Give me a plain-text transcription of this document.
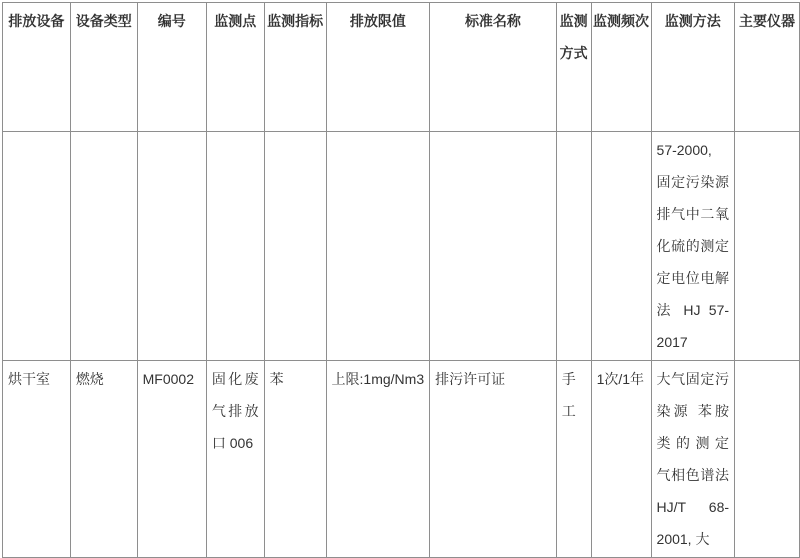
排放设备	设备类型	编号	监测点	监测指标	排放限值	标准名称	监测方式	监测频次	监测方法	主要仪器
									57-2000, 固定污染源排气中二氧化硫的测定 定电位电解法 HJ 57-2017	
烘干室	燃烧	MF0002	固化废气排放口 006	苯	上限:1mg/Nm3	排污许可证	手工	1次/1年	大气固定污染源 苯胺类的测定 气相色谱法 HJ/T 68-2001, 大	
